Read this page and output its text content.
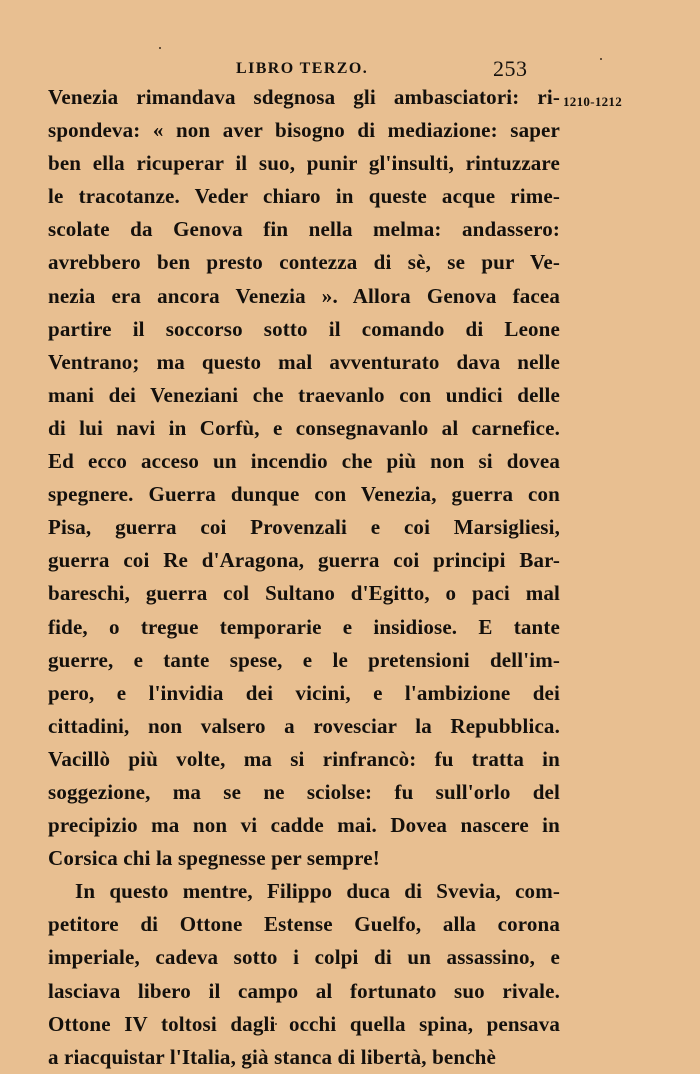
LIBRO TERZO.	253
1210-1212
Venezia rimandava sdegnosa gli ambasciatori: ri-
spondeva: « non aver bisogno di mediazione: saper
ben ella ricuperar il suo, punir gl'insulti, rintuzzare
le tracotanze. Veder chiaro in queste acque rime-
scolate da Genova fin nella melma: andassero:
avrebbero ben presto contezza di sè, se pur Ve-
nezia era ancora Venezia ». Allora Genova facea
partire il soccorso sotto il comando di Leone
Ventrano; ma questo mal avventurato dava nelle
mani dei Veneziani che traevanlo con undici delle
di lui navi in Corfù, e consegnavanlo al carnefice.
Ed ecco acceso un incendio che più non si dovea
spegnere. Guerra dunque con Venezia, guerra con
Pisa, guerra coi Provenzali e coi Marsigliesi,
guerra coi Re d'Aragona, guerra coi principi Bar-
bareschi, guerra col Sultano d'Egitto, o paci mal
fide, o tregue temporarie e insidiose. E tante
guerre, e tante spese, e le pretensioni dell'im-
pero, e l'invidia dei vicini, e l'ambizione dei
cittadini, non valsero a rovesciar la Repubblica.
Vacillò più volte, ma si rinfrancò: fu tratta in
soggezione, ma se ne sciolse: fu sull'orlo del
precipizio ma non vi cadde mai. Dovea nascere in
Corsica chi la spegnesse per sempre!
In questo mentre, Filippo duca di Svevia, com-
petitore di Ottone Estense Guelfo, alla corona
imperiale, cadeva sotto i colpi di un assassino, e
lasciava libero il campo al fortunato suo rivale.
Ottone IV toltosi dagli occhi quella spina, pensava
a riacquistar l'Italia, già stanca di libertà, benchè
